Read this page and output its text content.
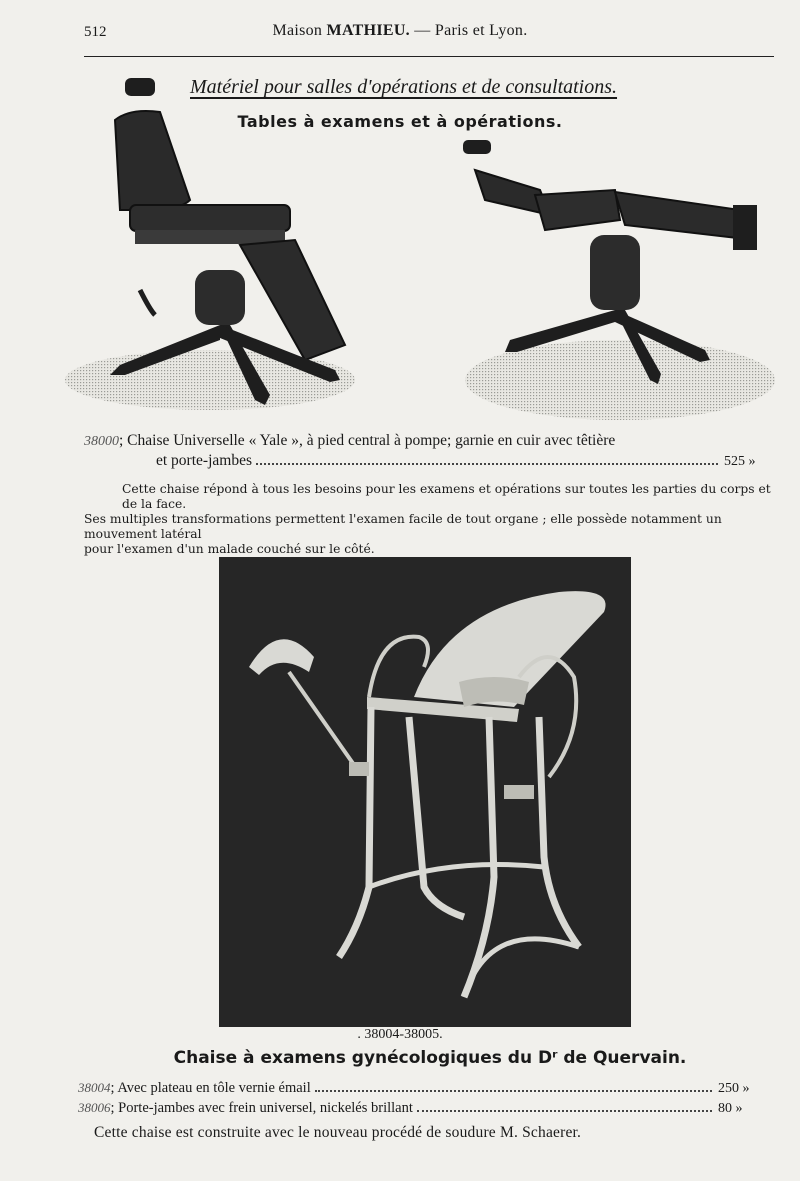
512	Maison MATHIEU. — Paris et Lyon.
Matériel pour salles d'opérations et de consultations.
Tables à examens et à opérations.
38000; Chaise Universelle « Yale », à pied central à pompe; garnie en cuir avec têtière
et porte-jambes	525 »
Cette chaise répond à tous les besoins pour les examens et opérations sur toutes les parties du corps et de la face.
Ses multiples transformations permettent l'examen facile de tout organe ; elle possède notamment un mouvement latéral
pour l'examen d'un malade couché sur le côté.
. 38004-38005.
Chaise à examens gynécologiques du Dʳ de Quervain.
38004; Avec plateau en tôle vernie émail	250 »
38006; Porte-jambes avec frein universel, nickelés brillant	80 »
Cette chaise est construite avec le nouveau procédé de soudure M. Schaerer.
